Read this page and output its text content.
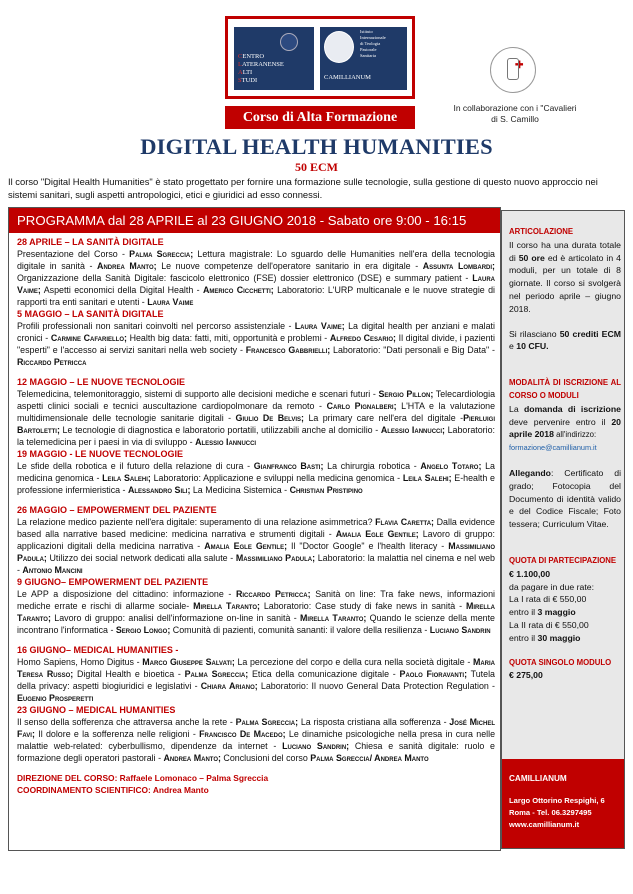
CENTRO
LATERANENSE
ALTI
STUDI
Istituto
Internazionale
di Teologia
Pastorale
Sanitaria
CAMILLIANUM
Corso di Alta Formazione
✚
In collaborazione con i "Cavalieri
di S. Camillo
DIGITAL HEALTH HUMANITIES
50 ECM
Il corso "Digital Health Humanities" è stato progettato per fornire una formazione sulle tecnologie, sulla gestione di questo nuovo approccio nei sistemi sanitari, sugli aspetti antropologici, etici e giuridici ad esso connessi.
PROGRAMMA dal 28 APRILE al 23 GIUGNO 2018 - Sabato ore 9:00 - 16:15
28 APRILE – LA SANITÀ DIGITALE
Presentazione del Corso - Palma Sgreccia; Lettura magistrale: Lo sguardo delle Humanities nell'era della tecnologia digitale in sanità - Andrea Manto; Le nuove competenze dell'operatore sanitario in era digitale - Assunta Lombardi; Organizzazione della Sanità Digitale: fascicolo elettronico (FSE) dossier elettronico (DSE) e summary patient - Laura Vaime; Aspetti economici della Digital Health - Americo Cicchetti; Laboratorio: L'URP multicanale e le nuove strategie di rapporti tra enti sanitari e utenti - Laura Vaime
5 MAGGIO – LA SANITÀ DIGITALE
Profili professionali non sanitari coinvolti nel percorso assistenziale - Laura Vaime; La digital health per anziani e malati cronici - Carmine Cafariello; Health big data: fatti, miti, opportunità e problemi - Alfredo Cesario; Il digital divide, i pazienti "esperti" e l'accesso ai servizi sanitari nella web society - Francesco Gabbrielli; Laboratorio: "Dati personali e Big Data" - Riccardo Petricca
12 MAGGIO – LE NUOVE TECNOLOGIE
Telemedicina, telemonitoraggio, sistemi di supporto alle decisioni mediche e scenari futuri - Sergio Pillon; Telecardiologia aspetti clinici sociali e tecnici auscultazione cardiopolmonare da remoto - Carlo Pignalberi; L'HTA e la valutazione multidimensionale delle tecnologie sanitarie digitali - Giulio De Belvis; La primary care nell'era del digitale -Pierluigi Bartoletti; Le tecnologie di diagnostica e laboratorio portatili, utilizzabili anche al domicilio - Alessio Iannucci; Laboratorio: la telemedicina per i paesi in via di sviluppo - Alessio Iannucci
19 MAGGIO - LE NUOVE TECNOLOGIE
Le sfide della robotica e il futuro della relazione di cura - Gianfranco Basti; La chirurgia robotica - Angelo Totaro; La medicina genomica - Leila Salehi; Laboratorio: Applicazione e sviluppi nella medicina genomica - Leila Salehi; E-health e professione infermieristica - Alessandro Sili; La Medicina Sistemica - Christian Pristipino
26 MAGGIO – EMPOWERMENT DEL PAZIENTE
La relazione medico paziente nell'era digitale: superamento di una relazione asimmetrica? Flavia Caretta; Dalla evidence based alla narrative based medicine: medicina narrativa e strumenti digitali - Amalia Egle Gentile; Lavoro di gruppo: applicazioni digitali della medicina narrativa - Amalia Egle Gentile; Il "Doctor Google" e l'health literacy - Massimiliano Padula; Utilizzo dei social network dedicati alla salute - Massimiliano Padula; Laboratorio: la malattia nel cinema e nel web - Antonio Mancini
9 GIUGNO– EMPOWERMENT DEL PAZIENTE
Le APP a disposizione del cittadino: informazione - Riccardo Petricca; Sanità on line: Tra fake news, informazioni mediche errate e rischi di allarme sociale- Mirella Taranto; Laboratorio: Case study di fake news in sanità - Mirella Taranto; Lavoro di gruppo: analisi dell'informazione on-line in sanità - Mirella Taranto; Quando le scienze della mente incontrano l'informatica - Sergio Longo; Comunità di pazienti, comunità sananti: il valore della resilienza - Luciano Sandrin
16 GIUGNO– MEDICAL HUMANITIES -
Homo Sapiens, Homo Digitus - Marco Giuseppe Salvati; La percezione del corpo e della cura nella società digitale - Maria Teresa Russo; Digital Health e bioetica - Palma Sgreccia; Etica della comunicazione digitale - Paolo Fioravanti; Tutela della privacy: aspetti biogiuridici e legislativi - Chiara Ariano; Laboratorio: Il nuovo General Data Protection Regulation - Eugenio Prosperetti
23 GIUGNO – MEDICAL HUMANITIES
Il senso della sofferenza che attraversa anche la rete - Palma Sgreccia; La risposta cristiana alla sofferenza - José Michel Favi; Il dolore e la sofferenza nelle religioni - Francisco De Macedo; Le dinamiche psicologiche nella presa in cura nelle malattie web-related: cyberbullismo, dipendenze da internet - Luciano Sandrin; Chiesa e sanità digitale: ruolo e formazione degli operatori pastorali - Andrea Manto; Conclusioni del corso Palma Sgreccia/ Andrea Manto
DIREZIONE DEL CORSO: Raffaele Lomonaco – Palma Sgreccia
COORDINAMENTO SCIENTIFICO: Andrea Manto

ARTICOLAZIONE

Il corso ha una durata totale di 50 ore ed è articolato in 4 moduli, per un totale di 8 giornate. Il corso si svolgerà nel periodo aprile – giugno 2018.

Si rilasciano 50 crediti ECM e 10 CFU.

MODALITÀ DI ISCRIZIONE AL CORSO O MODULI

La domanda di iscrizione deve pervenire entro il 20 aprile 2018 all'indirizzo:

formazione@camillianum.it

Allegando: Certificato di grado; Fotocopia del Documento di identità valido e del Codice Fiscale; Foto tessera; Curriculum Vitae.

QUOTA DI PARTECIPAZIONE

€ 1.100,00

da pagare in due rate:

La I rata di € 550,00

entro il 3 maggio

La II rata di € 550,00

entro il 30 maggio

QUOTA SINGOLO MODULO

€ 275,00

CAMILLIANUM
Largo Ottorino Respighi, 6
Roma - Tel. 06.3297495
www.camillianum.it
